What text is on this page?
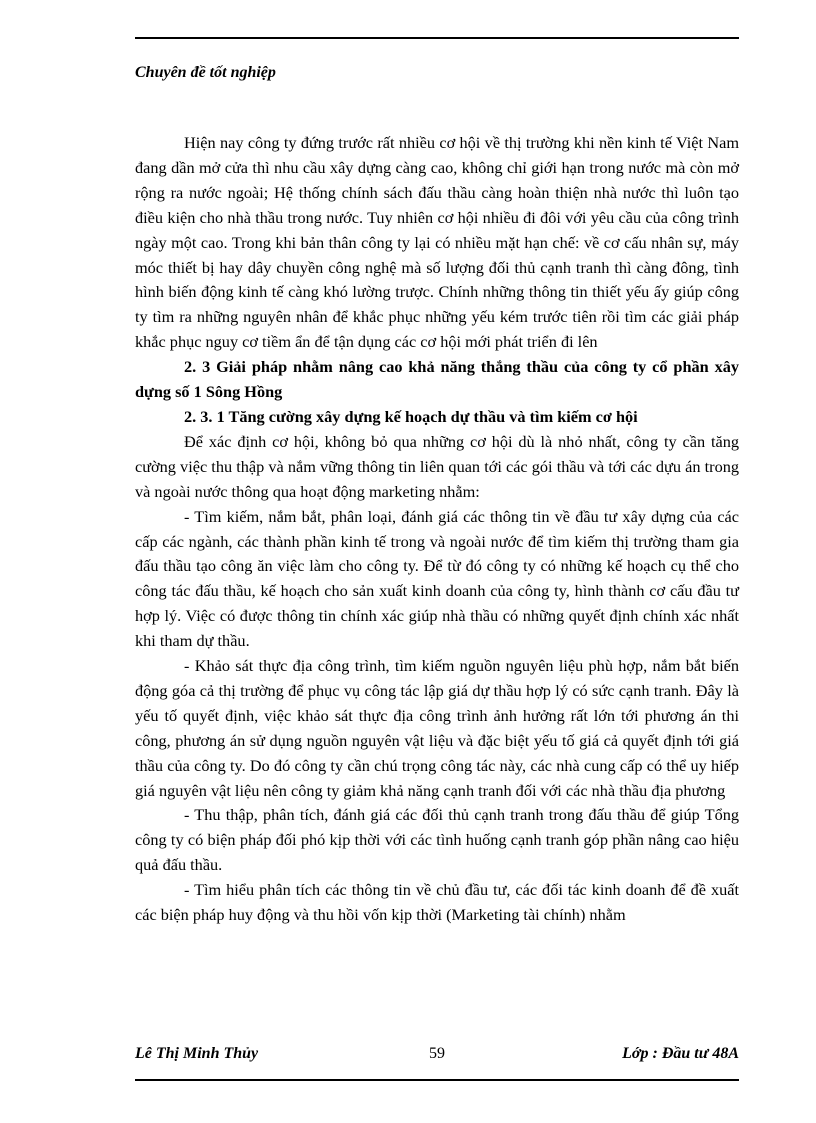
Chuyên đề tốt nghiệp

Hiện nay công ty đứng trước rất nhiều cơ hội về thị trường khi nền kinh tế Việt Nam đang dần mở cửa thì nhu cầu xây dựng càng cao, không chỉ giới hạn trong nước mà còn mở rộng ra nước ngoài; Hệ thống chính sách đấu thầu càng hoàn thiện nhà nước thì luôn tạo điều kiện cho nhà thầu trong nước. Tuy nhiên cơ hội nhiều đi đôi với yêu cầu của công trình ngày một cao. Trong khi bản thân công ty lại có nhiều mặt hạn chế: về cơ cấu nhân sự, máy móc thiết bị hay dây chuyền công nghệ mà số lượng đối thủ cạnh tranh thì càng đông, tình hình biến động kinh tế càng khó lường trược. Chính những thông tin thiết yếu ấy giúp công ty tìm ra những nguyên nhân để khắc phục những yếu kém trước tiên rồi tìm các giải pháp khắc phục nguy cơ tiềm ẩn để tận dụng các cơ hội mới phát triển đi lên

2. 3 Giải pháp nhằm nâng cao khả năng thắng thầu của công ty cổ phần xây dựng số 1 Sông Hồng

2. 3. 1 Tăng cường xây dựng kế hoạch dự thầu và tìm kiếm cơ hội

Để xác định cơ hội, không bỏ qua những cơ hội dù là nhỏ nhất, công ty cần tăng cường việc thu thập và nắm vững thông tin liên quan tới các gói thầu và tới các dựu án trong và ngoài nước thông qua hoạt động marketing nhằm:

- Tìm kiếm, nắm bắt, phân loại, đánh giá các thông tin về đầu tư xây dựng của các cấp các ngành, các thành phần kinh tế trong và ngoài nước để tìm kiếm thị trường tham gia đấu thầu tạo công ăn việc làm cho công ty. Để từ đó công ty có những kế hoạch cụ thể cho công tác đấu thầu, kế hoạch cho sản xuất kinh doanh của công ty, hình thành cơ cấu đầu tư hợp lý. Việc có được thông tin chính xác giúp nhà thầu có những quyết định chính xác nhất khi tham dự thầu.

- Khảo sát thực địa công trình, tìm kiếm nguồn nguyên liệu phù hợp, nắm bắt biến động góa cả thị trường để phục vụ công tác lập giá dự thầu hợp lý có sức cạnh tranh. Đây là yếu tố quyết định, việc khảo sát thực địa công trình ảnh hưởng rất lớn tới phương án thi công, phương án sử dụng nguồn nguyên vật liệu và đặc biệt yếu tố giá cả quyết định tới giá thầu của công ty. Do đó công ty cần chú trọng công tác này, các nhà cung cấp có thể uy hiếp giá nguyên vật liệu nên công ty giảm khả năng cạnh tranh đối với các nhà thầu địa phương

- Thu thập, phân tích, đánh giá các đối thủ cạnh tranh trong đấu thầu để giúp Tổng công ty có biện pháp đối phó kịp thời với các tình huống cạnh tranh góp phần nâng cao hiệu quả đấu thầu.

- Tìm hiểu phân tích các thông tin về chủ đầu tư, các đối tác kinh doanh để đề xuất các biện pháp huy động và thu hồi vốn kịp thời (Marketing tài chính) nhằm

Lê Thị Minh Thủy	59	Lớp : Đầu tư 48A
